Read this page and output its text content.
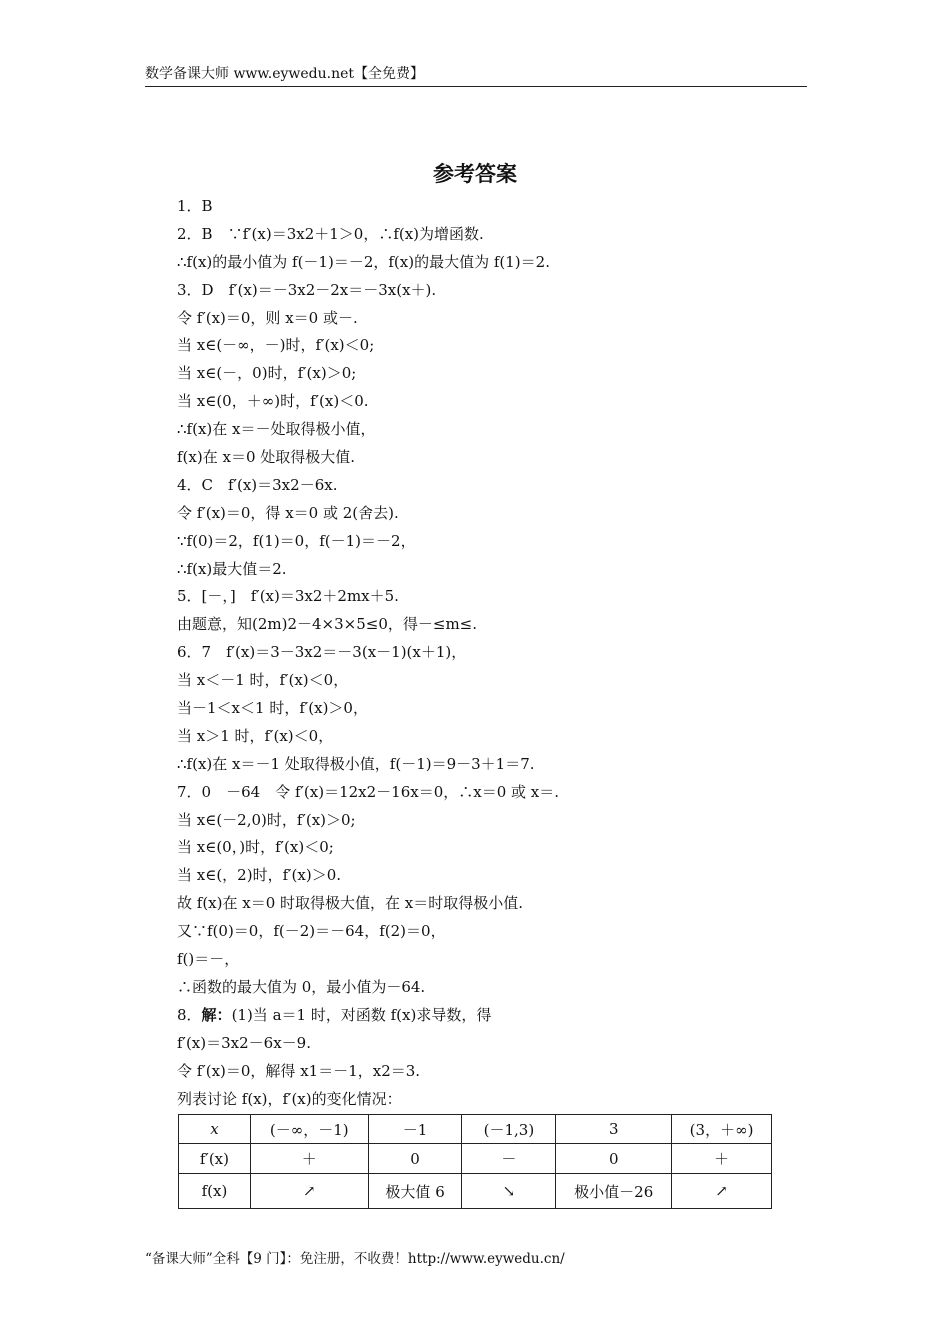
数学备课大师 www.eywedu.net【全免费】
参考答案
1．B
2．B　∵f′(x)＝3x2＋1＞0，∴f(x)为增函数.
∴f(x)的最小值为 f(－1)＝－2，f(x)的最大值为 f(1)＝2.
3．D　f′(x)＝－3x2－2x＝－3x(x＋).
令 f′(x)＝0，则 x＝0 或－.
当 x∈(－∞，－)时，f′(x)＜0;
当 x∈(－，0)时，f′(x)＞0;
当 x∈(0，＋∞)时，f′(x)＜0.
∴f(x)在 x＝－处取得极小值，
f(x)在 x＝0 处取得极大值.
4．C　f′(x)＝3x2－6x.
令 f′(x)＝0，得 x＝0 或 2(舍去).
∵f(0)＝2，f(1)＝0，f(－1)＝－2，
∴f(x)最大值＝2.
5．[－，]　f′(x)＝3x2＋2mx＋5.
由题意，知(2m)2－4×3×5≤0，得－≤m≤.
6．7　f′(x)＝3－3x2＝－3(x－1)(x＋1)，
当 x＜－1 时，f′(x)＜0，
当－1＜x＜1 时，f′(x)＞0，
当 x＞1 时，f′(x)＜0，
∴f(x)在 x＝－1 处取得极小值，f(－1)＝9－3＋1＝7.
7．0　－64　令 f′(x)＝12x2－16x＝0，∴x＝0 或 x＝.
当 x∈(－2,0)时，f′(x)＞0;
当 x∈(0，)时，f′(x)＜0;
当 x∈(，2)时，f′(x)＞0.
故 f(x)在 x＝0 时取得极大值，在 x＝时取得极小值.
又∵f(0)＝0，f(－2)＝－64，f(2)＝0，
f()＝－，
∴函数的最大值为 0，最小值为－64.
8．解：(1)当 a＝1 时，对函数 f(x)求导数，得
f′(x)＝3x2－6x－9.
令 f′(x)＝0，解得 x1＝－1，x2＝3.
列表讨论 f(x)，f′(x)的变化情况：
x	(－∞，－1)	－1	(－1,3)	3	(3，＋∞)
f′(x)	＋	0	－	0	＋
f(x)	↗	极大值 6	↘	极小值－26	↗
“备课大师”全科【9 门】：免注册，不收费！http://www.eywedu.cn/
